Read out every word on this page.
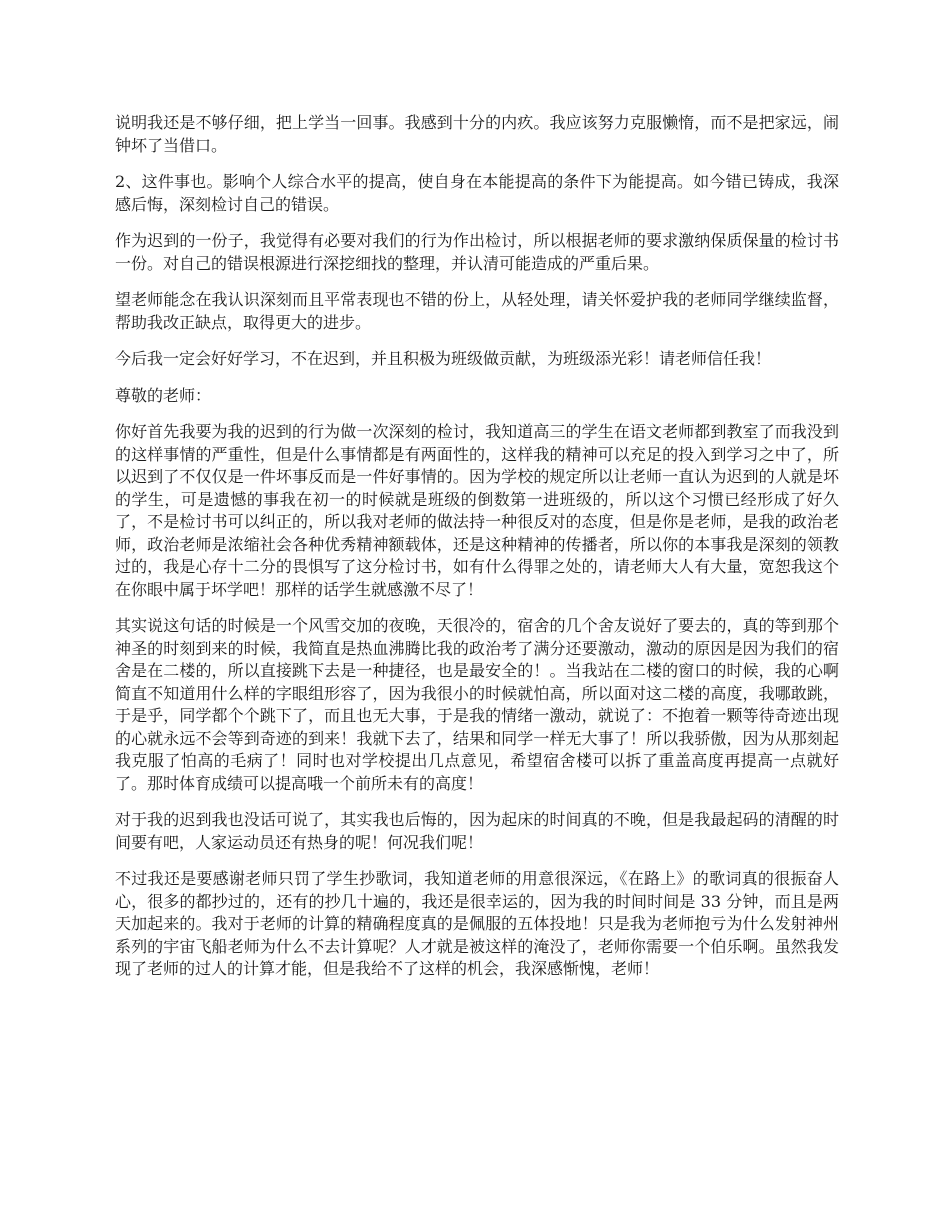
说明我还是不够仔细，把上学当一回事。我感到十分的内疚。我应该努力克服懒惰，而不是把家远，闹钟坏了当借口。

2、这件事也。影响个人综合水平的提高，使自身在本能提高的条件下为能提高。如今错已铸成，我深感后悔，深刻检讨自己的错误。

作为迟到的一份子，我觉得有必要对我们的行为作出检讨，所以根据老师的要求激纳保质保量的检讨书一份。对自己的错误根源进行深挖细找的整理，并认清可能造成的严重后果。

望老师能念在我认识深刻而且平常表现也不错的份上，从轻处理，请关怀爱护我的老师同学继续监督，帮助我改正缺点，取得更大的进步。

今后我一定会好好学习，不在迟到，并且积极为班级做贡献，为班级添光彩！请老师信任我！

尊敬的老师：

你好首先我要为我的迟到的行为做一次深刻的检讨，我知道高三的学生在语文老师都到教室了而我没到的这样事情的严重性，但是什么事情都是有两面性的，这样我的精神可以充足的投入到学习之中了，所以迟到了不仅仅是一件坏事反而是一件好事情的。因为学校的规定所以让老师一直认为迟到的人就是坏的学生，可是遗憾的事我在初一的时候就是班级的倒数第一进班级的，所以这个习惯已经形成了好久了，不是检讨书可以纠正的，所以我对老师的做法持一种很反对的态度，但是你是老师，是我的政治老师，政治老师是浓缩社会各种优秀精神额载体，还是这种精神的传播者，所以你的本事我是深刻的领教过的，我是心存十二分的畏惧写了这分检讨书，如有什么得罪之处的，请老师大人有大量，宽恕我这个在你眼中属于坏学吧！那样的话学生就感激不尽了！

其实说这句话的时候是一个风雪交加的夜晚，天很冷的，宿舍的几个舍友说好了要去的，真的等到那个神圣的时刻到来的时候，我简直是热血沸腾比我的政治考了满分还要激动，激动的原因是因为我们的宿舍是在二楼的，所以直接跳下去是一种捷径，也是最安全的！。当我站在二楼的窗口的时候，我的心啊简直不知道用什么样的字眼组形容了，因为我很小的时候就怕高，所以面对这二楼的高度，我哪敢跳，于是乎，同学都个个跳下了，而且也无大事，于是我的情绪一激动，就说了：不抱着一颗等待奇迹出现的心就永远不会等到奇迹的到来！我就下去了，结果和同学一样无大事了！所以我骄傲，因为从那刻起我克服了怕高的毛病了！同时也对学校提出几点意见，希望宿舍楼可以拆了重盖高度再提高一点就好了。那时体育成绩可以提高哦一个前所未有的高度！

对于我的迟到我也没话可说了，其实我也后悔的，因为起床的时间真的不晚，但是我最起码的清醒的时间要有吧，人家运动员还有热身的呢！何况我们呢！

不过我还是要感谢老师只罚了学生抄歌词，我知道老师的用意很深远，《在路上》的歌词真的很振奋人心，很多的都抄过的，还有的抄几十遍的，我还是很幸运的，因为我的时间时间是 33 分钟，而且是两天加起来的。我对于老师的计算的精确程度真的是佩服的五体投地！只是我为老师抱亏为什么发射神州系列的宇宙飞船老师为什么不去计算呢？人才就是被这样的淹没了，老师你需要一个伯乐啊。虽然我发现了老师的过人的计算才能，但是我给不了这样的机会，我深感惭愧，老师！
